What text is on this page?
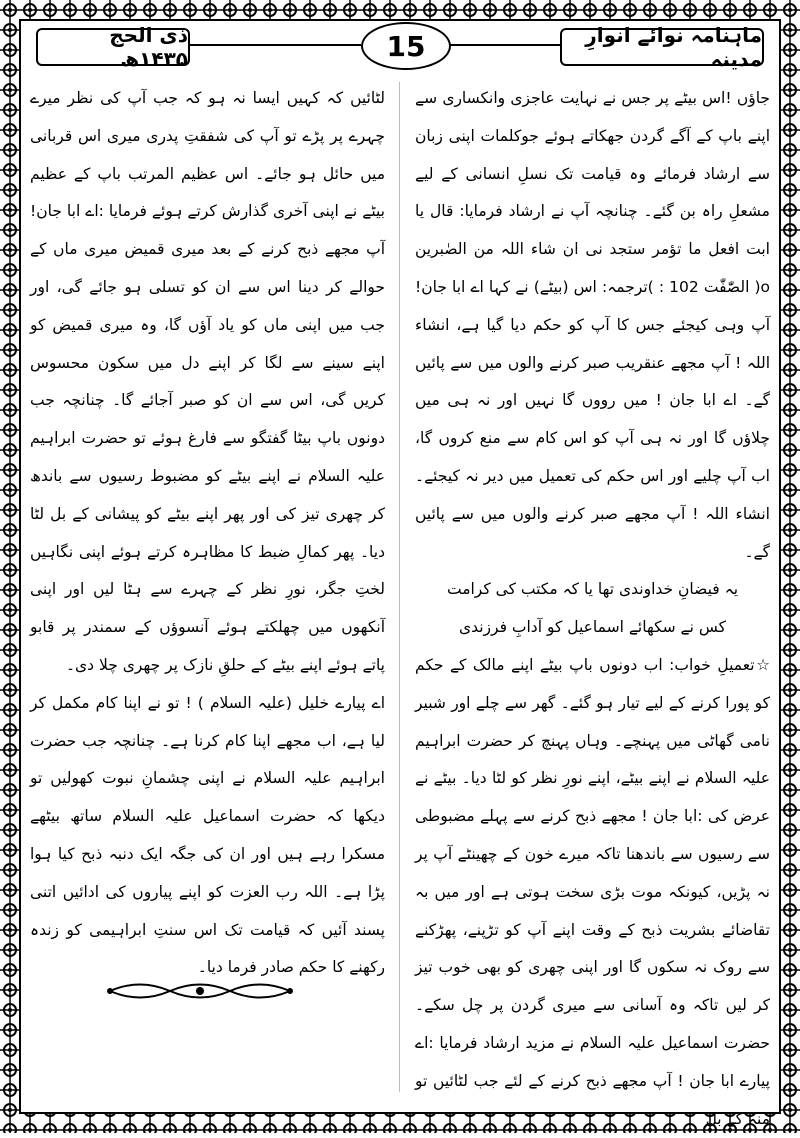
ذی الحج ۱۴۳۵ھ	15	ماہنامہ نوائے انوارِ مدینہ

جاؤں !اس بیٹے پر جس نے نہایت عاجزی وانکساری سے اپنے باپ کے آگے گردن جھکاتے ہوئے جوکلمات اپنی زبان سے ارشاد فرمائے وہ قیامت تک نسلِ انسانی کے لیے مشعلِ راہ بن گئے۔ چنانچہ آپ نے ارشاد فرمایا: قال یا ابت افعل ما تؤمر ستجد نی ان شاء اللہ من الصٰبرین o( الصّٰفّٰت 102 : )ترجمہ: اس (بیٹے) نے کہا اے ابا جان! آپ وہی کیجئے جس کا آپ کو حکم دیا گیا ہے، انشاء اللہ ! آپ مجھے عنقریب صبر کرنے والوں میں سے پائیں گے۔ اے ابا جان ! میں رووں گا نہیں اور نہ ہی میں چلاؤں گا اور نہ ہی آپ کو اس کام سے منع کروں گا، اب آپ چلیے اور اس حکم کی تعمیل میں دیر نہ کیجئے۔ انشاء اللہ ! آپ مجھے صبر کرنے والوں میں سے پائیں گے۔

یہ فیضانِ خداوندی تھا یا کہ مکتب کی کرامت

کس نے سکھائے اسماعیل کو آدابِ فرزندی

☆تعمیلِ خواب: اب دونوں باپ بیٹے اپنے مالک کے حکم کو پورا کرنے کے لیے تیار ہو گئے۔ گھر سے چلے اور شبیر نامی گھاٹی میں پہنچے۔ وہاں پہنچ کر حضرت ابراہیم علیہ السلام نے اپنے بیٹے، اپنے نورِ نظر کو لٹا دیا۔ بیٹے نے عرض کی :ابا جان ! مجھے ذبح کرنے سے پہلے مضبوطی سے رسیوں سے باندھنا تاکہ میرے خون کے چھینٹے آپ پر نہ پڑیں، کیونکہ موت بڑی سخت ہوتی ہے اور میں بہ تقاضائے بشریت ذبح کے وقت اپنے آپ کو تڑپنے، پھڑکنے سے روک نہ سکوں گا اور اپنی چھری کو بھی خوب تیز کر لیں تاکہ وہ آسانی سے میری گردن پر چل سکے۔ حضرت اسماعیل علیہ السلام نے مزید ارشاد فرمایا :اے پیارے ابا جان ! آپ مجھے ذبح کرنے کے لئے جب لٹائیں تو منہ کے بل

لٹائیں کہ کہیں ایسا نہ ہو کہ جب آپ کی نظر میرے چہرے پر پڑے تو آپ کی شفقتِ پدری میری اس قربانی میں حائل ہو جائے۔ اس عظیم المرتب باپ کے عظیم بیٹے نے اپنی آخری گذارش کرتے ہوئے فرمایا :اے ابا جان! آپ مجھے ذبح کرنے کے بعد میری قمیض میری ماں کے حوالے کر دینا اس سے ان کو تسلی ہو جائے گی، اور جب میں اپنی ماں کو یاد آؤں گا، وہ میری قمیض کو اپنے سینے سے لگا کر اپنے دل میں سکون محسوس کریں گی، اس سے ان کو صبر آجائے گا۔ چنانچہ جب دونوں باپ بیٹا گفتگو سے فارغ ہوئے تو حضرت ابراہیم علیہ السلام نے اپنے بیٹے کو مضبوط رسیوں سے باندھ کر چھری تیز کی اور پھر اپنے بیٹے کو پیشانی کے بل لٹا دیا۔ پھر کمالِ ضبط کا مظاہرہ کرتے ہوئے اپنی نگاہیں لختِ جگر، نورِ نظر کے چہرے سے ہٹا لیں اور اپنی آنکھوں میں چھلکتے ہوئے آنسوؤں کے سمندر پر قابو پاتے ہوئے اپنے بیٹے کے حلقِ نازک پر چھری چلا دی۔

اے پیارے خلیل (علیہ السلام ) ! تو نے اپنا کام مکمل کر لیا ہے، اب مجھے اپنا کام کرنا ہے۔ چنانچہ جب حضرت ابراہیم علیہ السلام نے اپنی چشمانِ نبوت کھولیں تو دیکھا کہ حضرت اسماعیل علیہ السلام ساتھ بیٹھے مسکرا رہے ہیں اور ان کی جگہ ایک دنبہ ذبح کیا ہوا پڑا ہے۔ اللہ رب العزت کو اپنے پیاروں کی ادائیں اتنی پسند آئیں کہ قیامت تک اس سنتِ ابراہیمی کو زندہ رکھنے کا حکم صادر فرما دیا۔
